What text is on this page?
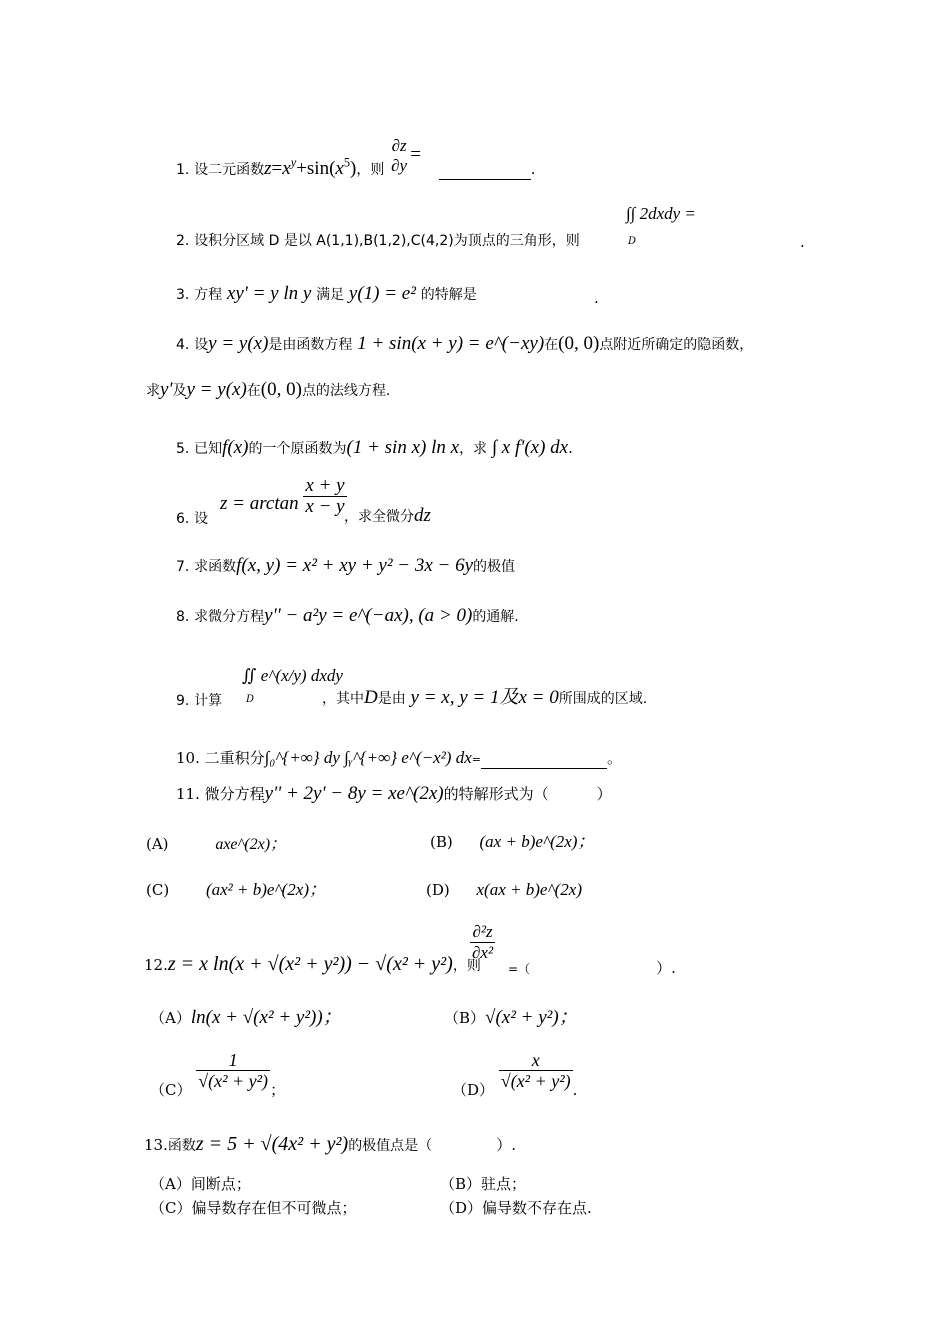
1. 设二元函数$z=x^y+\sin(x^5)$，则
∂z
∂y
=  .
2. 设积分区域 D 是以 A(1,1),B(1,2),C(4,2)为顶点的三角形，则
∫∫ 2dxdy =
D	.
3. 方程 xy' = y ln y 满足 y(1) = e² 的特解是	.
4. 设y = y(x)是由函数方程 1 + sin(x + y) = e^(−xy)在(0, 0)点附近所确定的隐函数，
求y'及y = y(x)在(0, 0)点的法线方程.
5. 已知f(x)的一个原函数为(1 + sin x) ln x，求 ∫ x f'(x) dx.
6. 设
$z = \arctan \frac{x + y}{x - y}$
，求全微分dz
7. 求函数f(x, y) = x² + xy + y² − 3x − 6y的极值
8. 求微分方程y'' − a²y = e^(−ax), (a > 0)的通解.
∬ e^(x/y) dxdy
D
9. 计算	，其中D是由 y = x, y = 1及x = 0所围成的区域.
10. 二重积分∫₀^{+∞} dy ∫ᵧ^{+∞} e^(−x²) dx=	。
11. 微分方程y'' + 2y' − 8y = xe^(2x)的特解形式为（	）
(A)	axe^(2x)；	(B) (ax + b)e^(2x)；
(C) (ax² + b)e^(2x)；	(D) x(ax + b)e^(2x)
12.z = x ln(x + √(x² + y²)) − √(x² + y²)，则
$\frac{\text{∂²z}}{\text{∂x²}}$
=（	）.
（A）ln(x + √(x² + y²))；	（B）√(x² + y²)；
$(C) \frac{1}{\text{√(x² + y²)}}$ ；	$(D) \frac{x}{\text{√(x² + y²)}}$ .
13.函数z = 5 + √(4x² + y²)的极值点是（	）.
（A）间断点；	（B）驻点；
（C）偏导数存在但不可微点；	（D）偏导数不存在点.
